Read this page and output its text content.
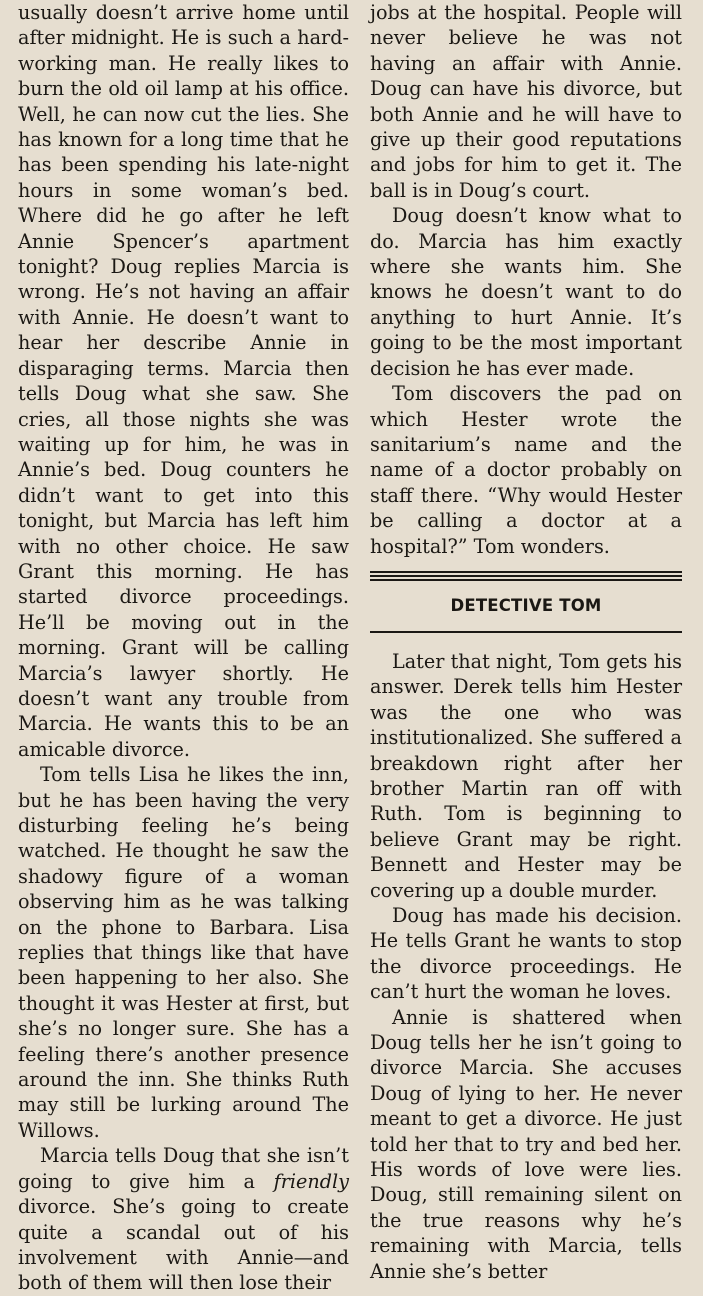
usually doesn’t arrive home until after midnight. He is such a hard-working man. He really likes to burn the old oil lamp at his office. Well, he can now cut the lies. She has known for a long time that he has been spending his late-night hours in some woman’s bed. Where did he go after he left Annie Spencer’s apartment tonight? Doug replies Marcia is wrong. He’s not having an affair with Annie. He doesn’t want to hear her describe Annie in disparaging terms. Marcia then tells Doug what she saw. She cries, all those nights she was waiting up for him, he was in Annie’s bed. Doug counters he didn’t want to get into this tonight, but Marcia has left him with no other choice. He saw Grant this morning. He has started divorce proceedings. He’ll be moving out in the morning. Grant will be calling Marcia’s lawyer shortly. He doesn’t want any trouble from Marcia. He wants this to be an amicable divorce.

Tom tells Lisa he likes the inn, but he has been having the very disturbing feeling he’s being watched. He thought he saw the shadowy figure of a woman observing him as he was talking on the phone to Barbara. Lisa replies that things like that have been happening to her also. She thought it was Hester at first, but she’s no longer sure. She has a feeling there’s another presence around the inn. She thinks Ruth may still be lurking around The Willows.

Marcia tells Doug that she isn’t going to give him a friendly divorce. She’s going to create quite a scandal out of his involvement with Annie—and both of them will then lose their

jobs at the hospital. People will never believe he was not having an affair with Annie. Doug can have his divorce, but both Annie and he will have to give up their good reputations and jobs for him to get it. The ball is in Doug’s court.

Doug doesn’t know what to do. Marcia has him exactly where she wants him. She knows he doesn’t want to do anything to hurt Annie. It’s going to be the most important decision he has ever made.

Tom discovers the pad on which Hester wrote the sanitarium’s name and the name of a doctor probably on staff there. “Why would Hester be calling a doctor at a hospital?” Tom wonders.

DETECTIVE TOM

Later that night, Tom gets his answer. Derek tells him Hester was the one who was institutionalized. She suffered a breakdown right after her brother Martin ran off with Ruth. Tom is beginning to believe Grant may be right. Bennett and Hester may be covering up a double murder.

Doug has made his decision. He tells Grant he wants to stop the divorce proceedings. He can’t hurt the woman he loves.

Annie is shattered when Doug tells her he isn’t going to divorce Marcia. She accuses Doug of lying to her. He never meant to get a divorce. He just told her that to try and bed her. His words of love were lies. Doug, still remaining silent on the true reasons why he’s remaining with Marcia, tells Annie she’s better
